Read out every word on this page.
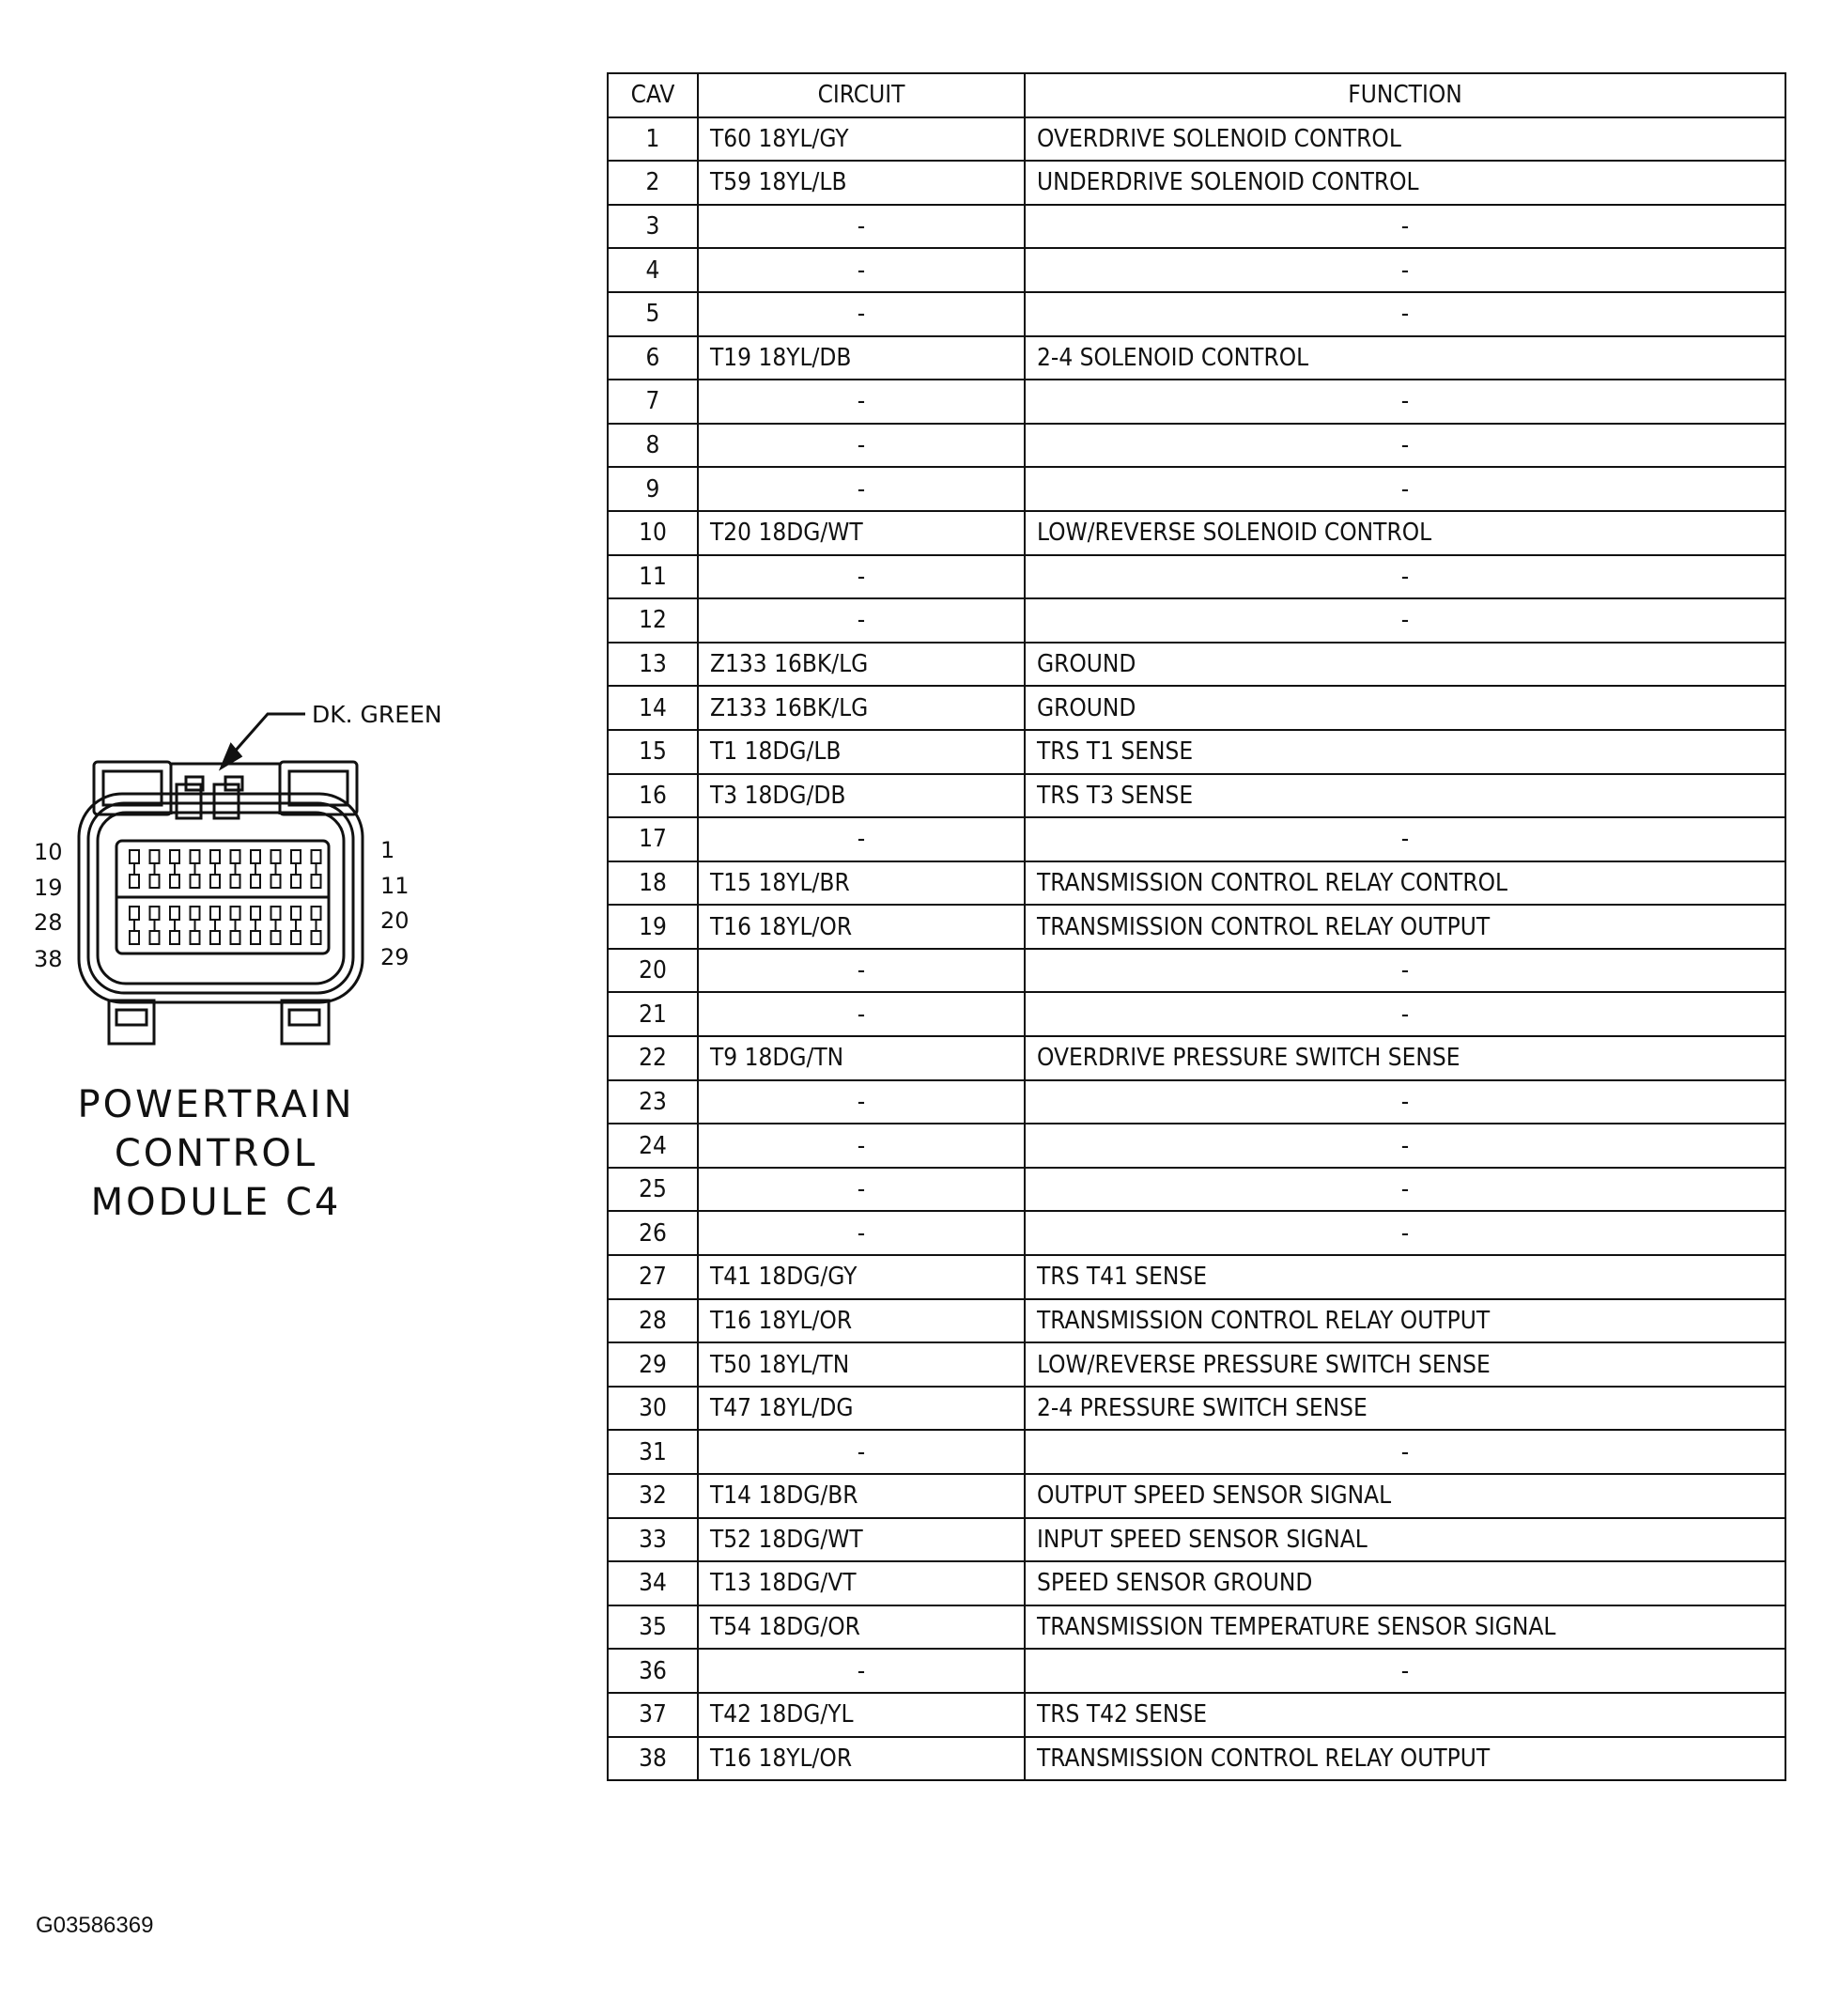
10
19
28
38
1
11
20
29
DK. GREEN
POWERTRAIN
CONTROL
MODULE C4
CAV	CIRCUIT	FUNCTION
1	T60 18YL/GY	OVERDRIVE SOLENOID CONTROL
2	T59 18YL/LB	UNDERDRIVE SOLENOID CONTROL
3	-	-
4	-	-
5	-	-
6	T19 18YL/DB	2-4 SOLENOID CONTROL
7	-	-
8	-	-
9	-	-
10	T20 18DG/WT	LOW/REVERSE SOLENOID CONTROL
11	-	-
12	-	-
13	Z133 16BK/LG	GROUND
14	Z133 16BK/LG	GROUND
15	T1 18DG/LB	TRS T1 SENSE
16	T3 18DG/DB	TRS T3 SENSE
17	-	-
18	T15 18YL/BR	TRANSMISSION CONTROL RELAY CONTROL
19	T16 18YL/OR	TRANSMISSION CONTROL RELAY OUTPUT
20	-	-
21	-	-
22	T9 18DG/TN	OVERDRIVE PRESSURE SWITCH SENSE
23	-	-
24	-	-
25	-	-
26	-	-
27	T41 18DG/GY	TRS T41 SENSE
28	T16 18YL/OR	TRANSMISSION CONTROL RELAY OUTPUT
29	T50 18YL/TN	LOW/REVERSE PRESSURE SWITCH SENSE
30	T47 18YL/DG	2-4 PRESSURE SWITCH SENSE
31	-	-
32	T14 18DG/BR	OUTPUT SPEED SENSOR SIGNAL
33	T52 18DG/WT	INPUT SPEED SENSOR SIGNAL
34	T13 18DG/VT	SPEED SENSOR GROUND
35	T54 18DG/OR	TRANSMISSION TEMPERATURE SENSOR SIGNAL
36	-	-
37	T42 18DG/YL	TRS T42 SENSE
38	T16 18YL/OR	TRANSMISSION CONTROL RELAY OUTPUT
G03586369
